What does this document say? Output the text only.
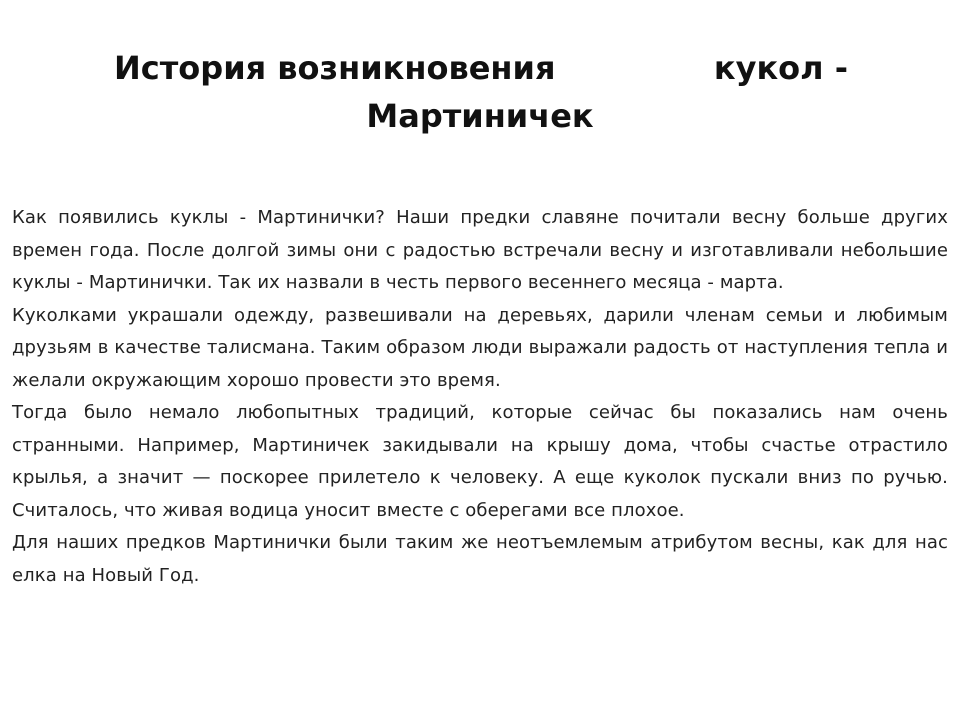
История возникновения	кукол -
Мартиничек

Как появились куклы - Мартинички? Наши предки славяне почитали весну больше других времен года. После долгой зимы они с радостью встречали весну и изготавливали небольшие куклы - Мартинички. Так их назвали в честь первого весеннего месяца - марта.

Куколками украшали одежду, развешивали на деревьях, дарили членам семьи и любимым друзьям в качестве талисмана. Таким образом люди выражали радость от наступления тепла и желали окружающим хорошо провести это время.

Тогда было немало любопытных традиций, которые сейчас бы показались нам очень странными. Например, Мартиничек закидывали на крышу дома, чтобы счастье отрастило крылья, а значит — поскорее прилетело к человеку. А еще куколок пускали вниз по ручью. Считалось, что живая водица уносит вместе с оберегами все плохое.

Для наших предков Мартинички были таким же неотъемлемым атрибутом весны, как для нас елка на Новый Год.
